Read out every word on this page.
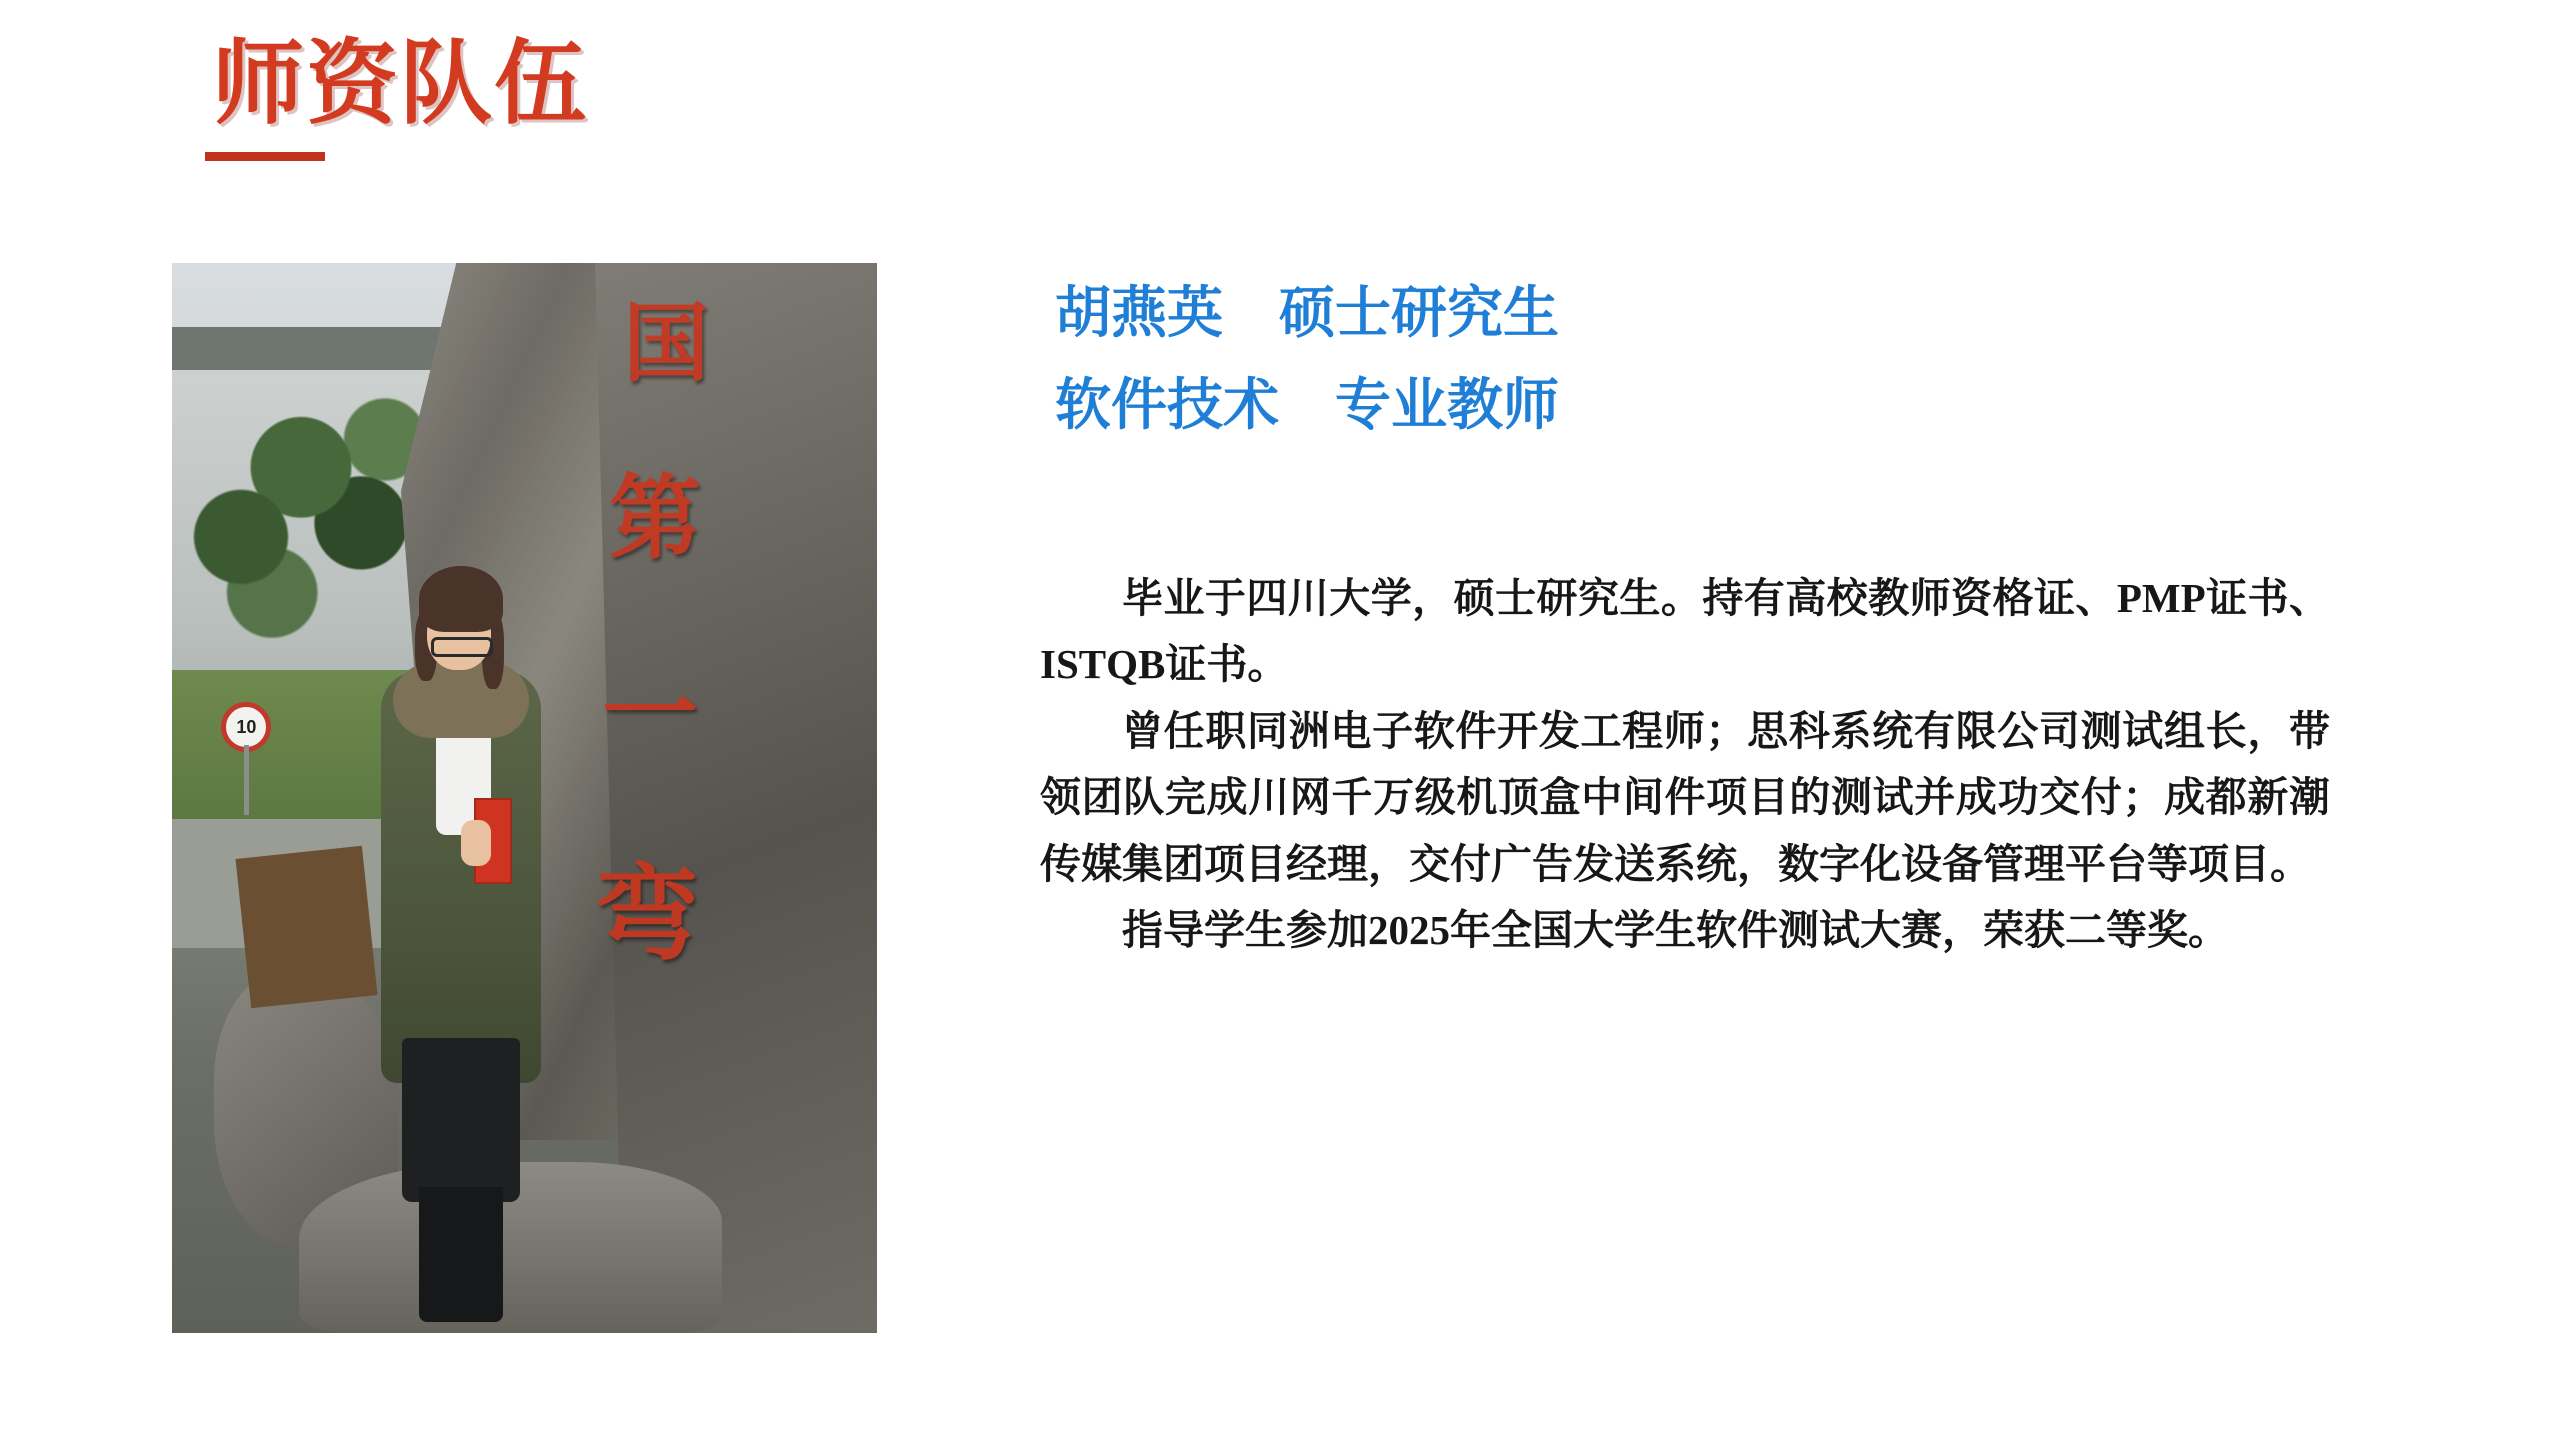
师资队伍
国
第
一
弯
10
胡燕英　硕士研究生
软件技术　专业教师

毕业于四川大学，硕士研究生。持有高校教师资格证、PMP证书、ISTQB证书。

曾任职同洲电子软件开发工程师；思科系统有限公司测试组长，带领团队完成川网千万级机顶盒中间件项目的测试并成功交付；成都新潮传媒集团项目经理，交付广告发送系统，数字化设备管理平台等项目。

指导学生参加2025年全国大学生软件测试大赛，荣获二等奖。
